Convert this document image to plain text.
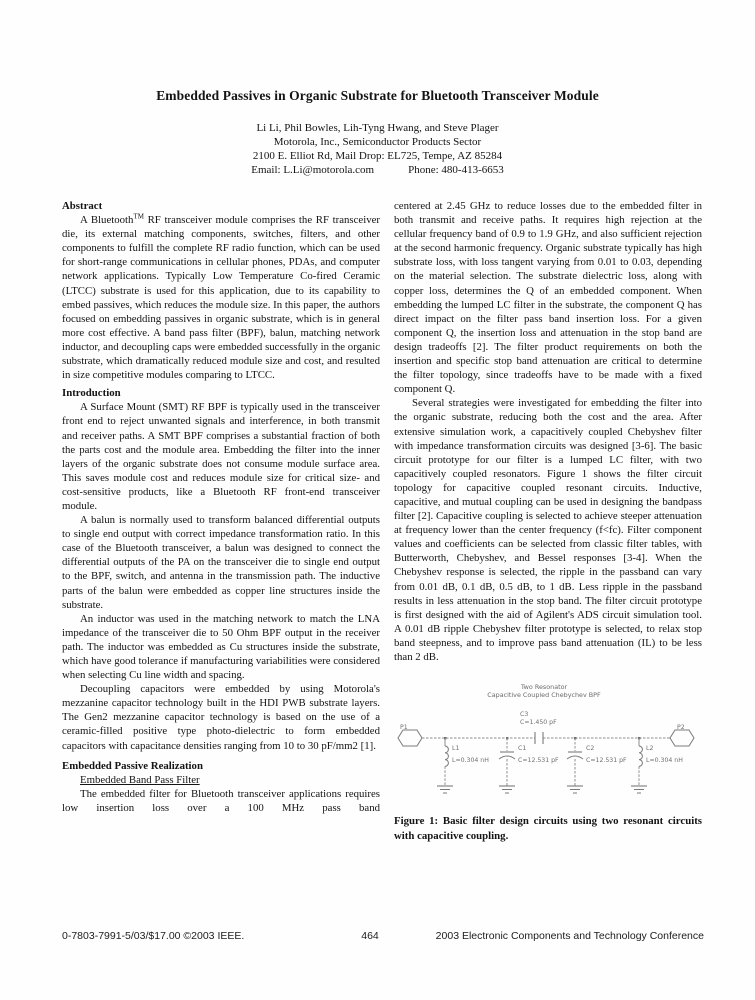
Embedded Passives in Organic Substrate for Bluetooth Transceiver Module
Li Li, Phil Bowles, Lih-Tyng Hwang, and Steve Plager
Motorola, Inc., Semiconductor Products Sector
2100 E. Elliot Rd, Mail Drop: EL725, Tempe, AZ 85284
Email: L.Li@motorola.com	Phone: 480-413-6653

Abstract

A Bluetooth™ RF transceiver module comprises the RF transceiver die, its external matching components, switches, filters, and other components to fulfill the complete RF radio function, which can be used for short-range communications in cellular phones, PDAs, and computer network applications. Typically Low Temperature Co-fired Ceramic (LTCC) substrate is used for this application, due to its capability to embed passives, which reduces the module size. In this paper, the authors focused on embedding passives in organic substrate, which is in general more cost effective. A band pass filter (BPF), balun, matching network inductor, and decoupling caps were embedded successfully in the organic substrate, which dramatically reduced module size and cost, and resulted in size competitive modules comparing to LTCC.

Introduction

A Surface Mount (SMT) RF BPF is typically used in the transceiver front end to reject unwanted signals and interference, in both transmit and receiver paths. A SMT BPF comprises a substantial fraction of both the parts cost and the module area. Embedding the filter into the inner layers of the organic substrate does not consume module surface area. This saves module cost and reduces module size for critical size- and cost-sensitive products, like a Bluetooth RF front-end transceiver module.

A balun is normally used to transform balanced differential outputs to single end output with correct impedance transformation ratio. In this case of the Bluetooth transceiver, a balun was designed to connect the differential outputs of the PA on the transceiver die to single end output to the BPF, switch, and antenna in the transmission path. The inductive parts of the balun were embedded as copper line structures inside the substrate.

An inductor was used in the matching network to match the LNA impedance of the transceiver die to 50 Ohm BPF output in the receiver path. The inductor was embedded as Cu structures inside the substrate, which have good tolerance if manufacturing variabilities were considered when selecting Cu line width and spacing.

Decoupling capacitors were embedded by using Motorola's mezzanine capacitor technology built in the HDI PWB substrate layers. The Gen2 mezzanine capacitor technology is based on the use of a ceramic-filled positive type photo-dielectric to form embedded capacitors with capacitance densities ranging from 10 to 30 pF/mm2 [1].

Embedded Passive Realization

Embedded Band Pass Filter

The embedded filter for Bluetooth transceiver applications requires low insertion loss over a 100 MHz pass band

centered at 2.45 GHz to reduce losses due to the embedded filter in both transmit and receive paths. It requires high rejection at the cellular frequency band of 0.9 to 1.9 GHz, and also sufficient rejection at the second harmonic frequency. Organic substrate typically has high substrate loss, with loss tangent varying from 0.01 to 0.03, depending on the material selection. The substrate dielectric loss, along with copper loss, determines the Q of an embedded component. When embedding the lumped LC filter in the substrate, the component Q has direct impact on the filter pass band insertion loss. For a given component Q, the insertion loss and attenuation in the stop band are design tradeoffs [2]. The filter product requirements on both the insertion and specific stop band attenuation are critical to determine the filter topology, since tradeoffs have to be made with a fixed component Q.

Several strategies were investigated for embedding the filter into the organic substrate, reducing both the cost and the area. After extensive simulation work, a capacitively coupled Chebyshev filter with impedance transformation circuits was designed [3-6]. The basic circuit prototype for our filter is a lumped LC filter, with two capacitively coupled resonators. Figure 1 shows the filter circuit topology for capacitive coupled resonant circuits. Inductive, capacitive, and mutual coupling can be used in designing the bandpass filter [2]. Capacitive coupling is selected to achieve steeper attenuation at frequency lower than the center frequency (f<fc). Filter component values and coefficients can be selected from classic filter tables, with Butterworth, Chebyshev, and Bessel responses [3-4]. When the Chebyshev response is selected, the ripple in the passband can vary from 0.01 dB, 0.1 dB, 0.5 dB, to 1 dB. Less ripple in the passband results in less attenuation in the stop band. The filter circuit prototype is first designed with the aid of Agilent's ADS circuit simulation tool. A 0.01 dB ripple Chebyshev filter prototype is selected, to relax stop band steepness, and to improve pass band attenuation (IL) to be less than 2 dB.

Two Resonator
Capacitive Coupled Chebychev BPF
C3
C=1.450 pF
P1	P2
L1
L=0.304 nH
C1
C=12.531 pF
C2
C=12.531 pF
L2
L=0.304 nH

Figure 1: Basic filter design circuits using two resonant circuits with capacitive coupling.

0-7803-7991-5/03/$17.00 ©2003 IEEE.	464	2003 Electronic Components and Technology Conference
